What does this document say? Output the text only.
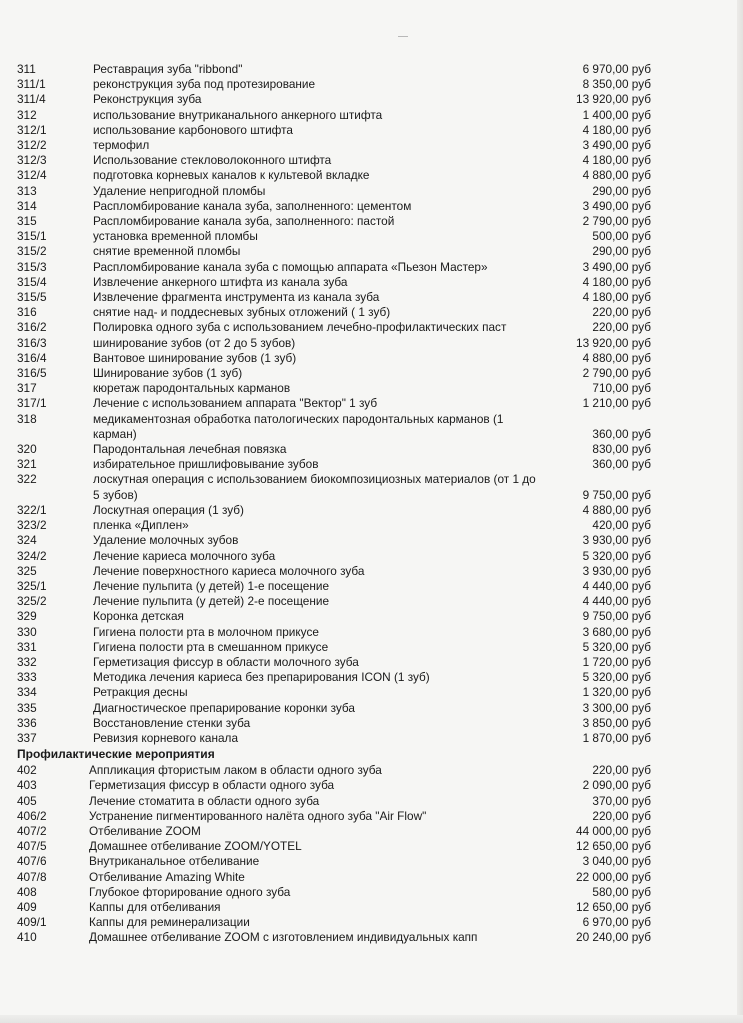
311	Реставрация зуба "ribbond"	6 970,00 руб
311/1	реконструкция зуба под протезирование	8 350,00 руб
311/4	Реконструкция зуба	13 920,00 руб
312	использование внутриканального анкерного штифта	1 400,00 руб
312/1	использование карбонового штифта	4 180,00 руб
312/2	термофил	3 490,00 руб
312/3	Использование стекловолоконного штифта	4 180,00 руб
312/4	подготовка корневых каналов к культевой вкладке	4 880,00 руб
313	Удаление непригодной пломбы	290,00 руб
314	Распломбирование канала зуба, заполненного: цементом	3 490,00 руб
315	Распломбирование канала зуба, заполненного: пастой	2 790,00 руб
315/1	установка временной пломбы	500,00 руб
315/2	снятие временной пломбы	290,00 руб
315/3	Распломбирование канала зуба с помощью аппарата «Пьезон Мастер»	3 490,00 руб
315/4	Извлечение анкерного штифта из канала зуба	4 180,00 руб
315/5	Извлечение фрагмента инструмента из канала зуба	4 180,00 руб
316	снятие над- и поддесневых зубных отложений ( 1 зуб)	220,00 руб
316/2	Полировка одного зуба с использованием лечебно-профилактических паст	220,00 руб
316/3	шинирование зубов (от 2 до 5 зубов)	13 920,00 руб
316/4	Вантовое шинирование зубов (1 зуб)	4 880,00 руб
316/5	Шинирование зубов (1 зуб)	2 790,00 руб
317	кюретаж пародонтальных карманов	710,00 руб
317/1	Лечение с использованием аппарата "Вектор" 1 зуб	1 210,00 руб
318	медикаментозная обработка патологических пародонтальных карманов (1 карман)	360,00 руб
320	Пародонтальная лечебная повязка	830,00 руб
321	избирательное пришлифовывание зубов	360,00 руб
322	лоскутная операция с использованием биокомпозициозных материалов (от 1 до 5 зубов)	9 750,00 руб
322/1	Лоскутная операция (1 зуб)	4 880,00 руб
323/2	пленка «Диплен»	420,00 руб
324	Удаление молочных зубов	3 930,00 руб
324/2	Лечение кариеса молочного зуба	5 320,00 руб
325	Лечение поверхностного кариеса молочного зуба	3 930,00 руб
325/1	Лечение пульпита (у детей) 1-е посещение	4 440,00 руб
325/2	Лечение пульпита (у детей) 2-е посещение	4 440,00 руб
329	Коронка детская	9 750,00 руб
330	Гигиена полости рта в молочном прикусе	3 680,00 руб
331	Гигиена полости рта в смешанном прикусе	5 320,00 руб
332	Герметизация фиссур в области молочного зуба	1 720,00 руб
333	Методика лечения кариеса без препарирования ICON (1 зуб)	5 320,00 руб
334	Ретракция десны	1 320,00 руб
335	Диагностическое препарирование коронки зуба	3 300,00 руб
336	Восстановление стенки зуба	3 850,00 руб
337	Ревизия корневого канала	1 870,00 руб
Профилактические мероприятия
402	Аппликация фтористым лаком в области одного зуба	220,00 руб
403	Герметизация фиссур в области одного зуба	2 090,00 руб
405	Лечение стоматита в области одного зуба	370,00 руб
406/2	Устранение пигментированного налёта одного зуба "Air Flow"	220,00 руб
407/2	Отбеливание ZOOM	44 000,00 руб
407/5	Домашнее отбеливание ZOOM/YOTEL	12 650,00 руб
407/6	Внутриканальное отбеливание	3 040,00 руб
407/8	Отбеливание Amazing White	22 000,00 руб
408	Глубокое фторирование одного зуба	580,00 руб
409	Каппы для отбеливания	12 650,00 руб
409/1	Каппы для реминерализации	6 970,00 руб
410	Домашнее отбеливание ZOOM с изготовлением индивидуальных капп	20 240,00 руб
